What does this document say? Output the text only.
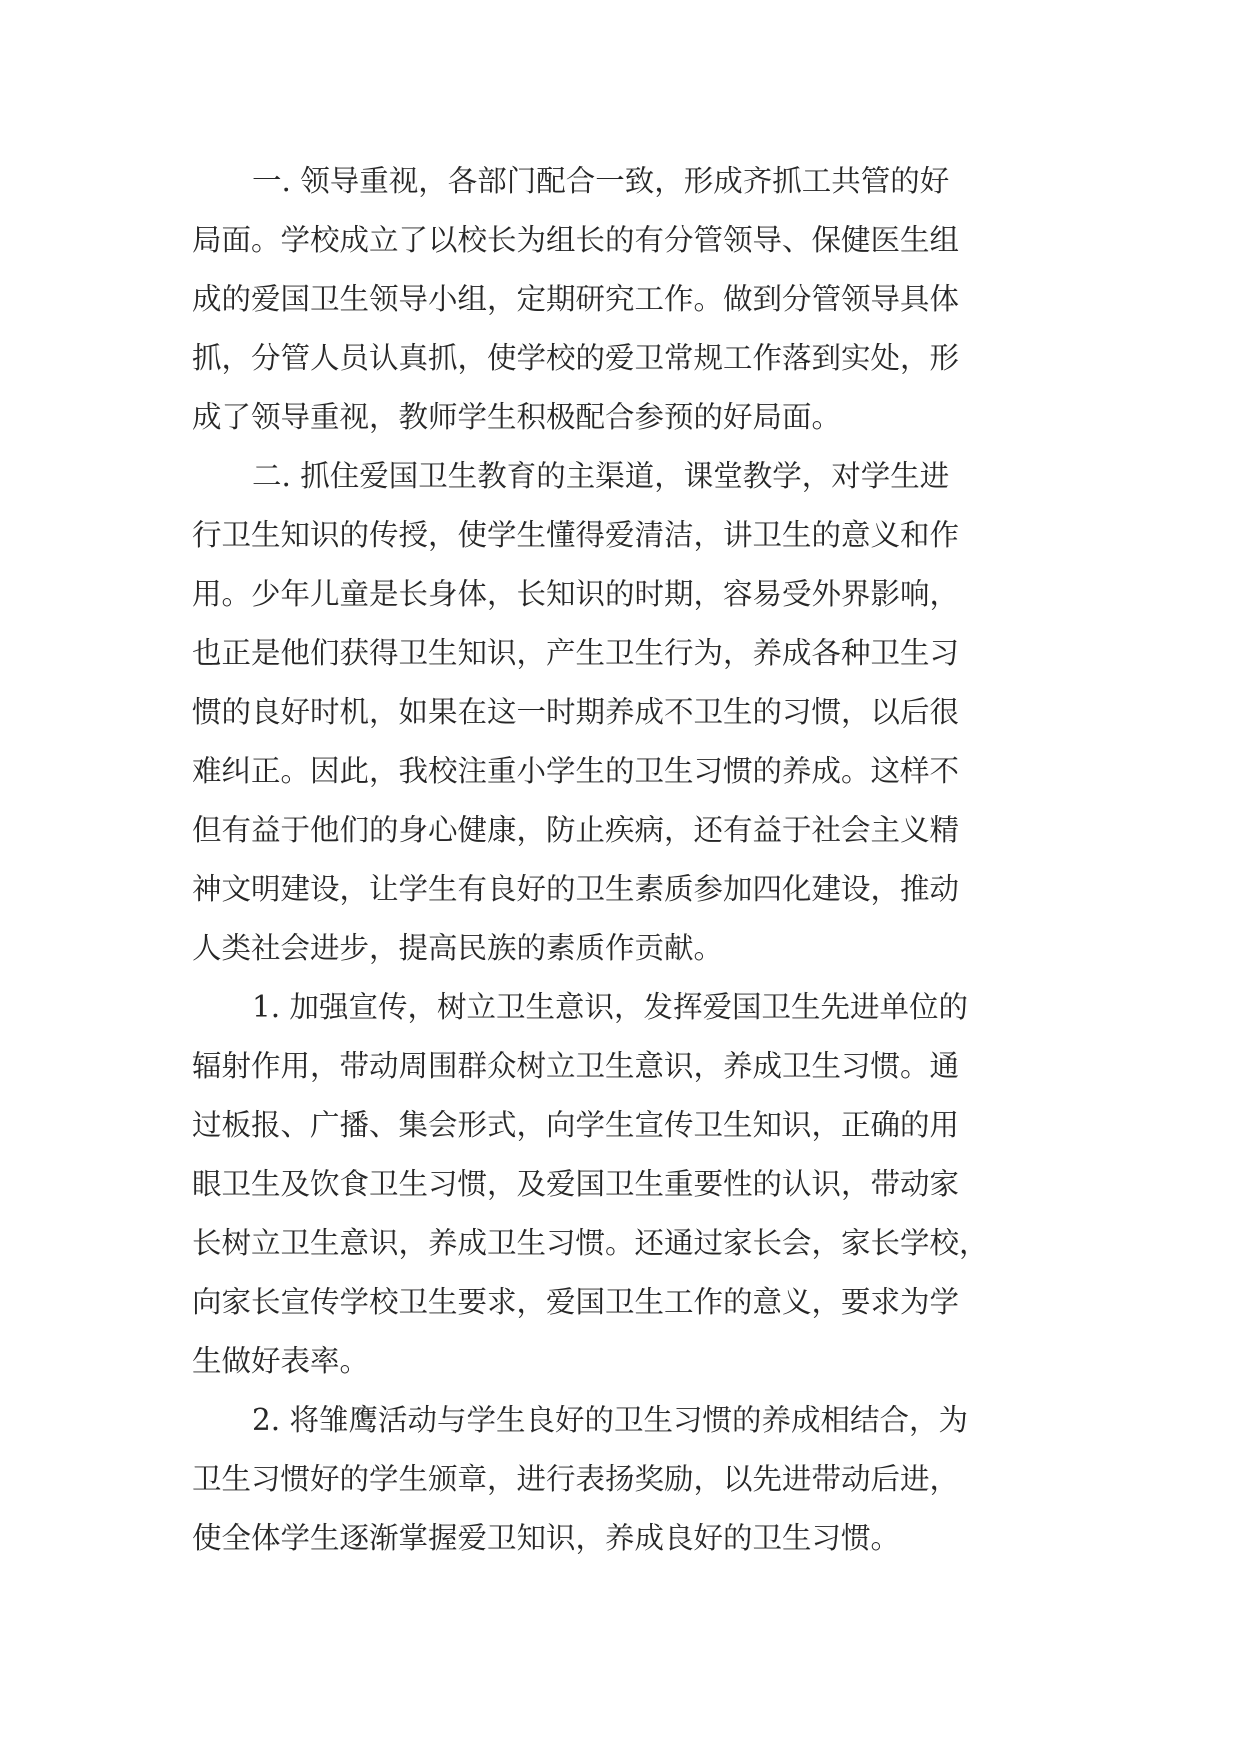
一. 领导重视，各部门配合一致，形成齐抓工共管的好
局面。学校成立了以校长为组长的有分管领导、保健医生组
成的爱国卫生领导小组，定期研究工作。做到分管领导具体
抓，分管人员认真抓，使学校的爱卫常规工作落到实处，形
成了领导重视，教师学生积极配合参预的好局面。
二. 抓住爱国卫生教育的主渠道，课堂教学，对学生进
行卫生知识的传授，使学生懂得爱清洁，讲卫生的意义和作
用。少年儿童是长身体，长知识的时期，容易受外界影响，
也正是他们获得卫生知识，产生卫生行为，养成各种卫生习
惯的良好时机，如果在这一时期养成不卫生的习惯，以后很
难纠正。因此，我校注重小学生的卫生习惯的养成。这样不
但有益于他们的身心健康，防止疾病，还有益于社会主义精
神文明建设，让学生有良好的卫生素质参加四化建设，推动
人类社会进步，提高民族的素质作贡献。
1. 加强宣传，树立卫生意识，发挥爱国卫生先进单位的
辐射作用，带动周围群众树立卫生意识，养成卫生习惯。通
过板报、广播、集会形式，向学生宣传卫生知识，正确的用
眼卫生及饮食卫生习惯，及爱国卫生重要性的认识，带动家
长树立卫生意识，养成卫生习惯。还通过家长会，家长学校，
向家长宣传学校卫生要求，爱国卫生工作的意义，要求为学
生做好表率。
2. 将雏鹰活动与学生良好的卫生习惯的养成相结合，为
卫生习惯好的学生颁章，进行表扬奖励，以先进带动后进，
使全体学生逐渐掌握爱卫知识，养成良好的卫生习惯。
